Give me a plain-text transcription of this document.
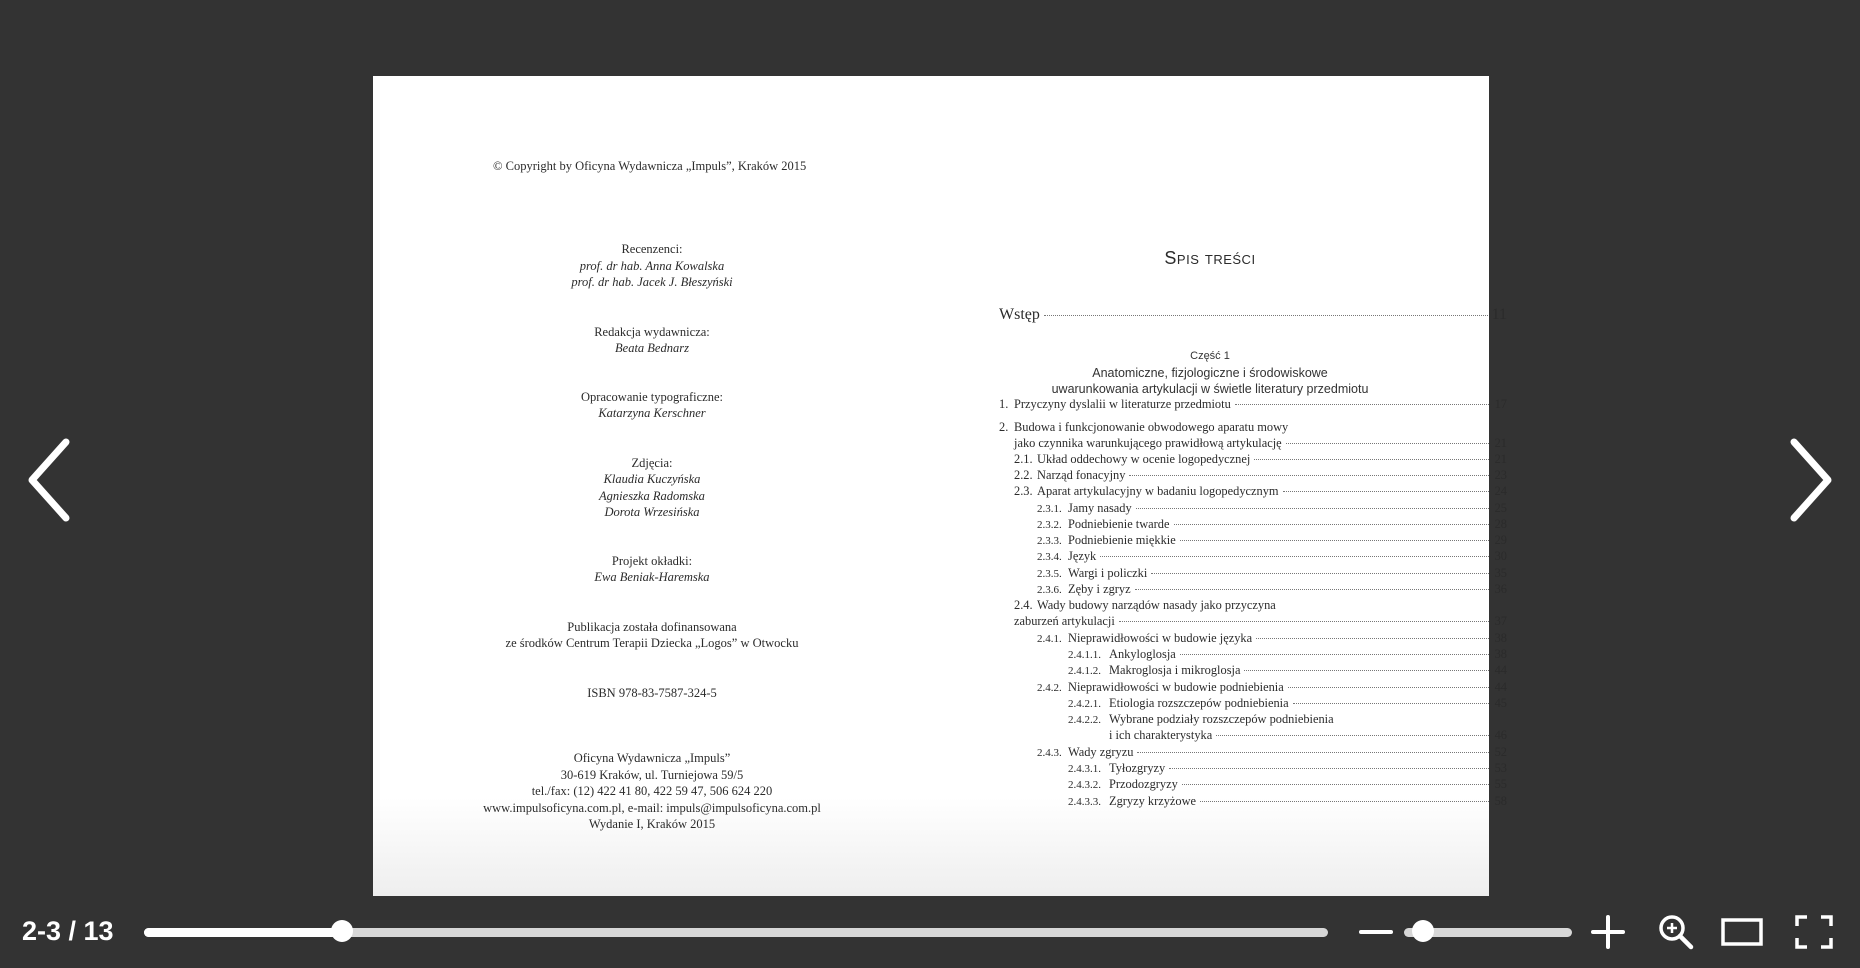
© Copyright by Oficyna Wydawnicza „Impuls”, Kraków 2015
Recenzenci:
prof. dr hab. Anna Kowalska
prof. dr hab. Jacek J. Błeszyński
Redakcja wydawnicza:
Beata Bednarz
Opracowanie typograficzne:
Katarzyna Kerschner
Zdjęcia:
Klaudia Kuczyńska
Agnieszka Radomska
Dorota Wrzesińska
Projekt okładki:
Ewa Beniak-Haremska
Publikacja została dofinansowana
ze środków Centrum Terapii Dziecka „Logos” w Otwocku
ISBN 978-83-7587-324-5
Oficyna Wydawnicza „Impuls”
30-619 Kraków, ul. Turniejowa 59/5
tel./fax: (12) 422 41 80, 422 59 47, 506 624 220
www.impulsoficyna.com.pl, e-mail: impuls@impulsoficyna.com.pl
Wydanie I, Kraków 2015
Spis treści
Wstęp	11
Część 1
Anatomiczne, fizjologiczne i środowiskowe
uwarunkowania artykulacji w świetle literatury przedmiotu
1. Przyczyny dyslalii w literaturze przedmiotu	17
2. Budowa i funkcjonowanie obwodowego aparatu mowy
jako czynnika warunkującego prawidłową artykulację	21
2.1. Układ oddechowy w ocenie logopedycznej	21
2.2. Narząd fonacyjny	23
2.3. Aparat artykulacyjny w badaniu logopedycznym	24
2.3.1. Jamy nasady	25
2.3.2. Podniebienie twarde	28
2.3.3. Podniebienie miękkie	29
2.3.4. Język	30
2.3.5. Wargi i policzki	35
2.3.6. Zęby i zgryz	36
2.4. Wady budowy narządów nasady jako przyczyna
zaburzeń artykulacji	37
2.4.1. Nieprawidłowości w budowie języka	38
2.4.1.1. Ankyloglosja	38
2.4.1.2. Makroglosja i mikroglosja	44
2.4.2. Nieprawidłowości w budowie podniebienia	44
2.4.2.1. Etiologia rozszczepów podniebienia	45
2.4.2.2. Wybrane podziały rozszczepów podniebienia
i ich charakterystyka	46
2.4.3. Wady zgryzu	52
2.4.3.1. Tyłozgryzy	53
2.4.3.2. Przodozgryzy	55
2.4.3.3. Zgryzy krzyżowe	58
2-3 / 13
